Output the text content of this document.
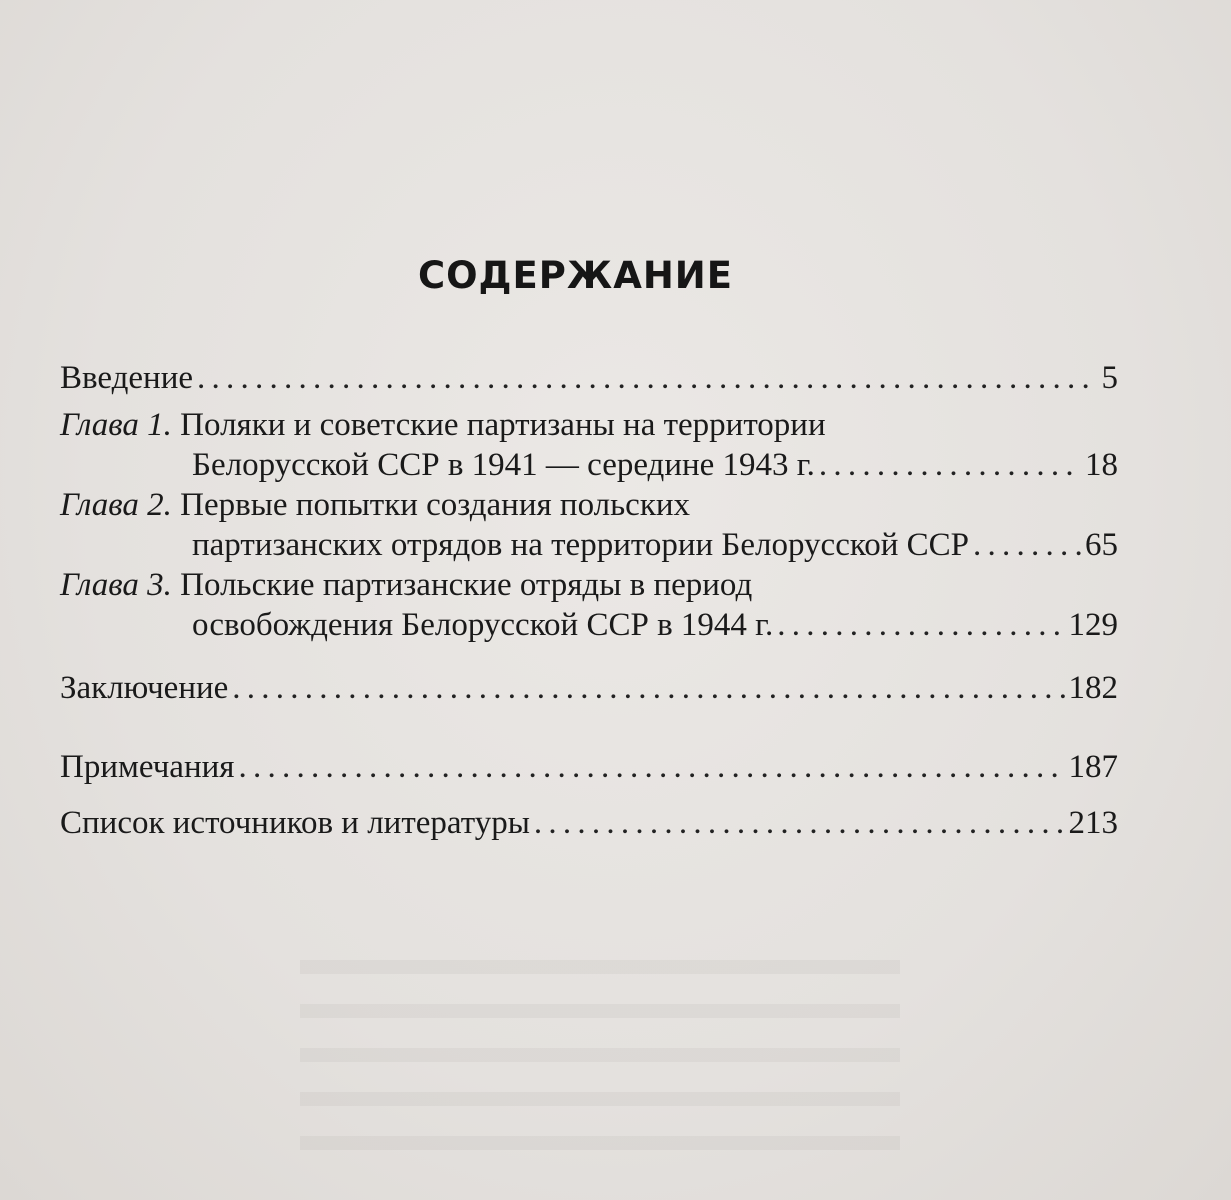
СОДЕРЖАНИЕ
Введение . . .	5
Глава 1.
Поляки и советские партизаны на территории
Белорусской ССР в 1941 — середине 1943 г. . . .	18
Глава 2.
Первые попытки создания польских
партизанских отрядов на территории Белорусской ССР . . .	65
Глава 3.
Польские партизанские отряды в период
освобождения Белорусской ССР в 1944 г. . . .	129
Заключение . . .	182
Примечания . . .	187
Список источников и литературы . . .	213
